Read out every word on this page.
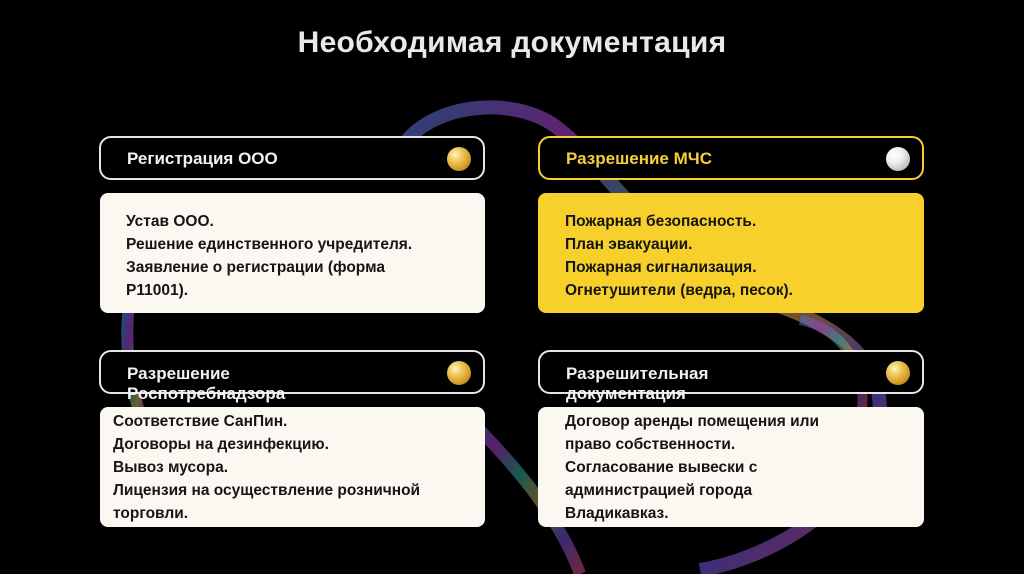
Необходимая документация
Регистрация ООО
Устав ООО.
Решение единственного учредителя.
Заявление о регистрации (форма
Р11001).
Разрешение МЧС
Пожарная безопасность.
План эвакуации.
Пожарная сигнализация.
Огнетушители (ведра, песок).
Разрешение Роспотребнадзора
Соответствие СанПин.
Договоры на дезинфекцию.
Вывоз мусора.
Лицензия на осуществление розничной
торговли.
Разрешительная документация
Договор аренды помещения или
право собственности.
Согласование вывески с
администрацией города
Владикавказ.
